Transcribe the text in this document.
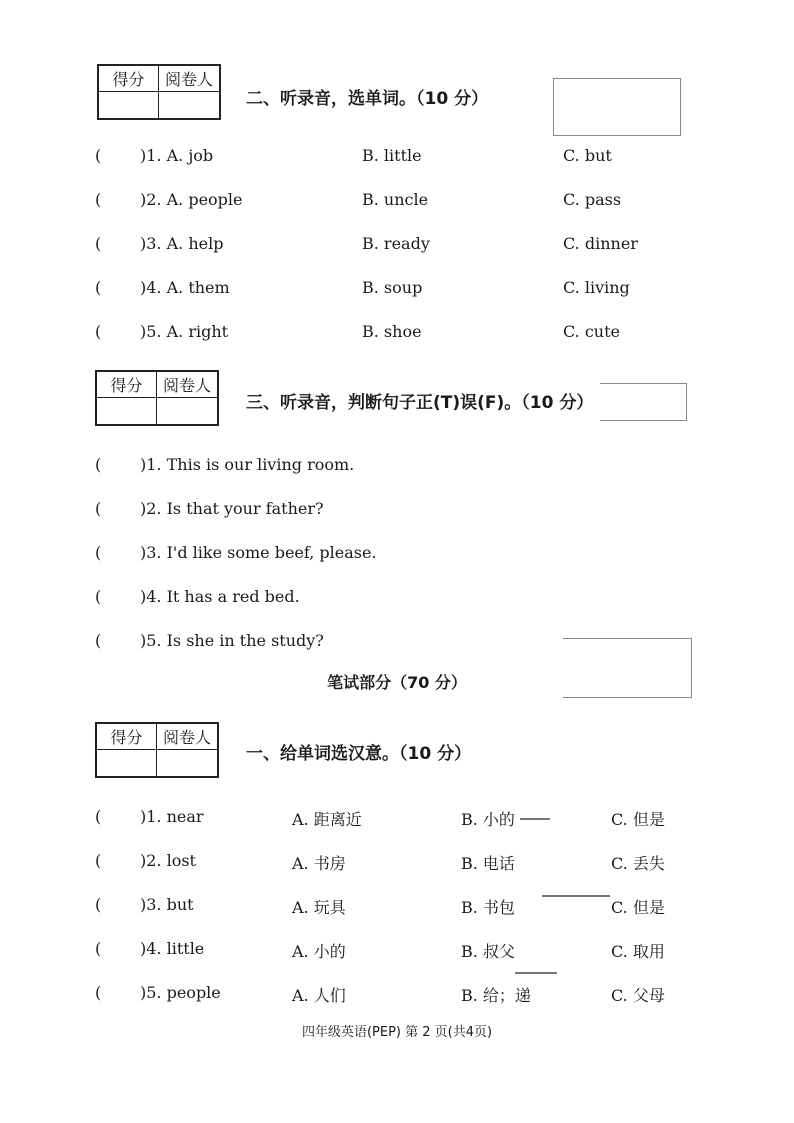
得分	阅卷人
二、听录音，选单词。（10 分）
( )1. A. job	B. little	C. but
( )2. A. people	B. uncle	C. pass
( )3. A. help	B. ready	C. dinner
( )4. A. them	B. soup	C. living
( )5. A. right	B. shoe	C. cute
得分	阅卷人
三、听录音，判断句子正(T)误(F)。（10 分）
( )1. This is our living room.
( )2. Is that your father?
( )3. I'd like some beef, please.
( )4. It has a red bed.
( )5. Is she in the study?
笔试部分（70 分）
得分	阅卷人
一、给单词选汉意。（10 分）
( )1. near	A. 距离近	B. 小的	C. 但是
( )2. lost	A. 书房	B. 电话	C. 丢失
( )3. but	A. 玩具	B. 书包	C. 但是
( )4. little	A. 小的	B. 叔父	C. 取用
( )5. people	A. 人们	B. 给；递	C. 父母
四年级英语(PEP) 第 2 页(共4页)
